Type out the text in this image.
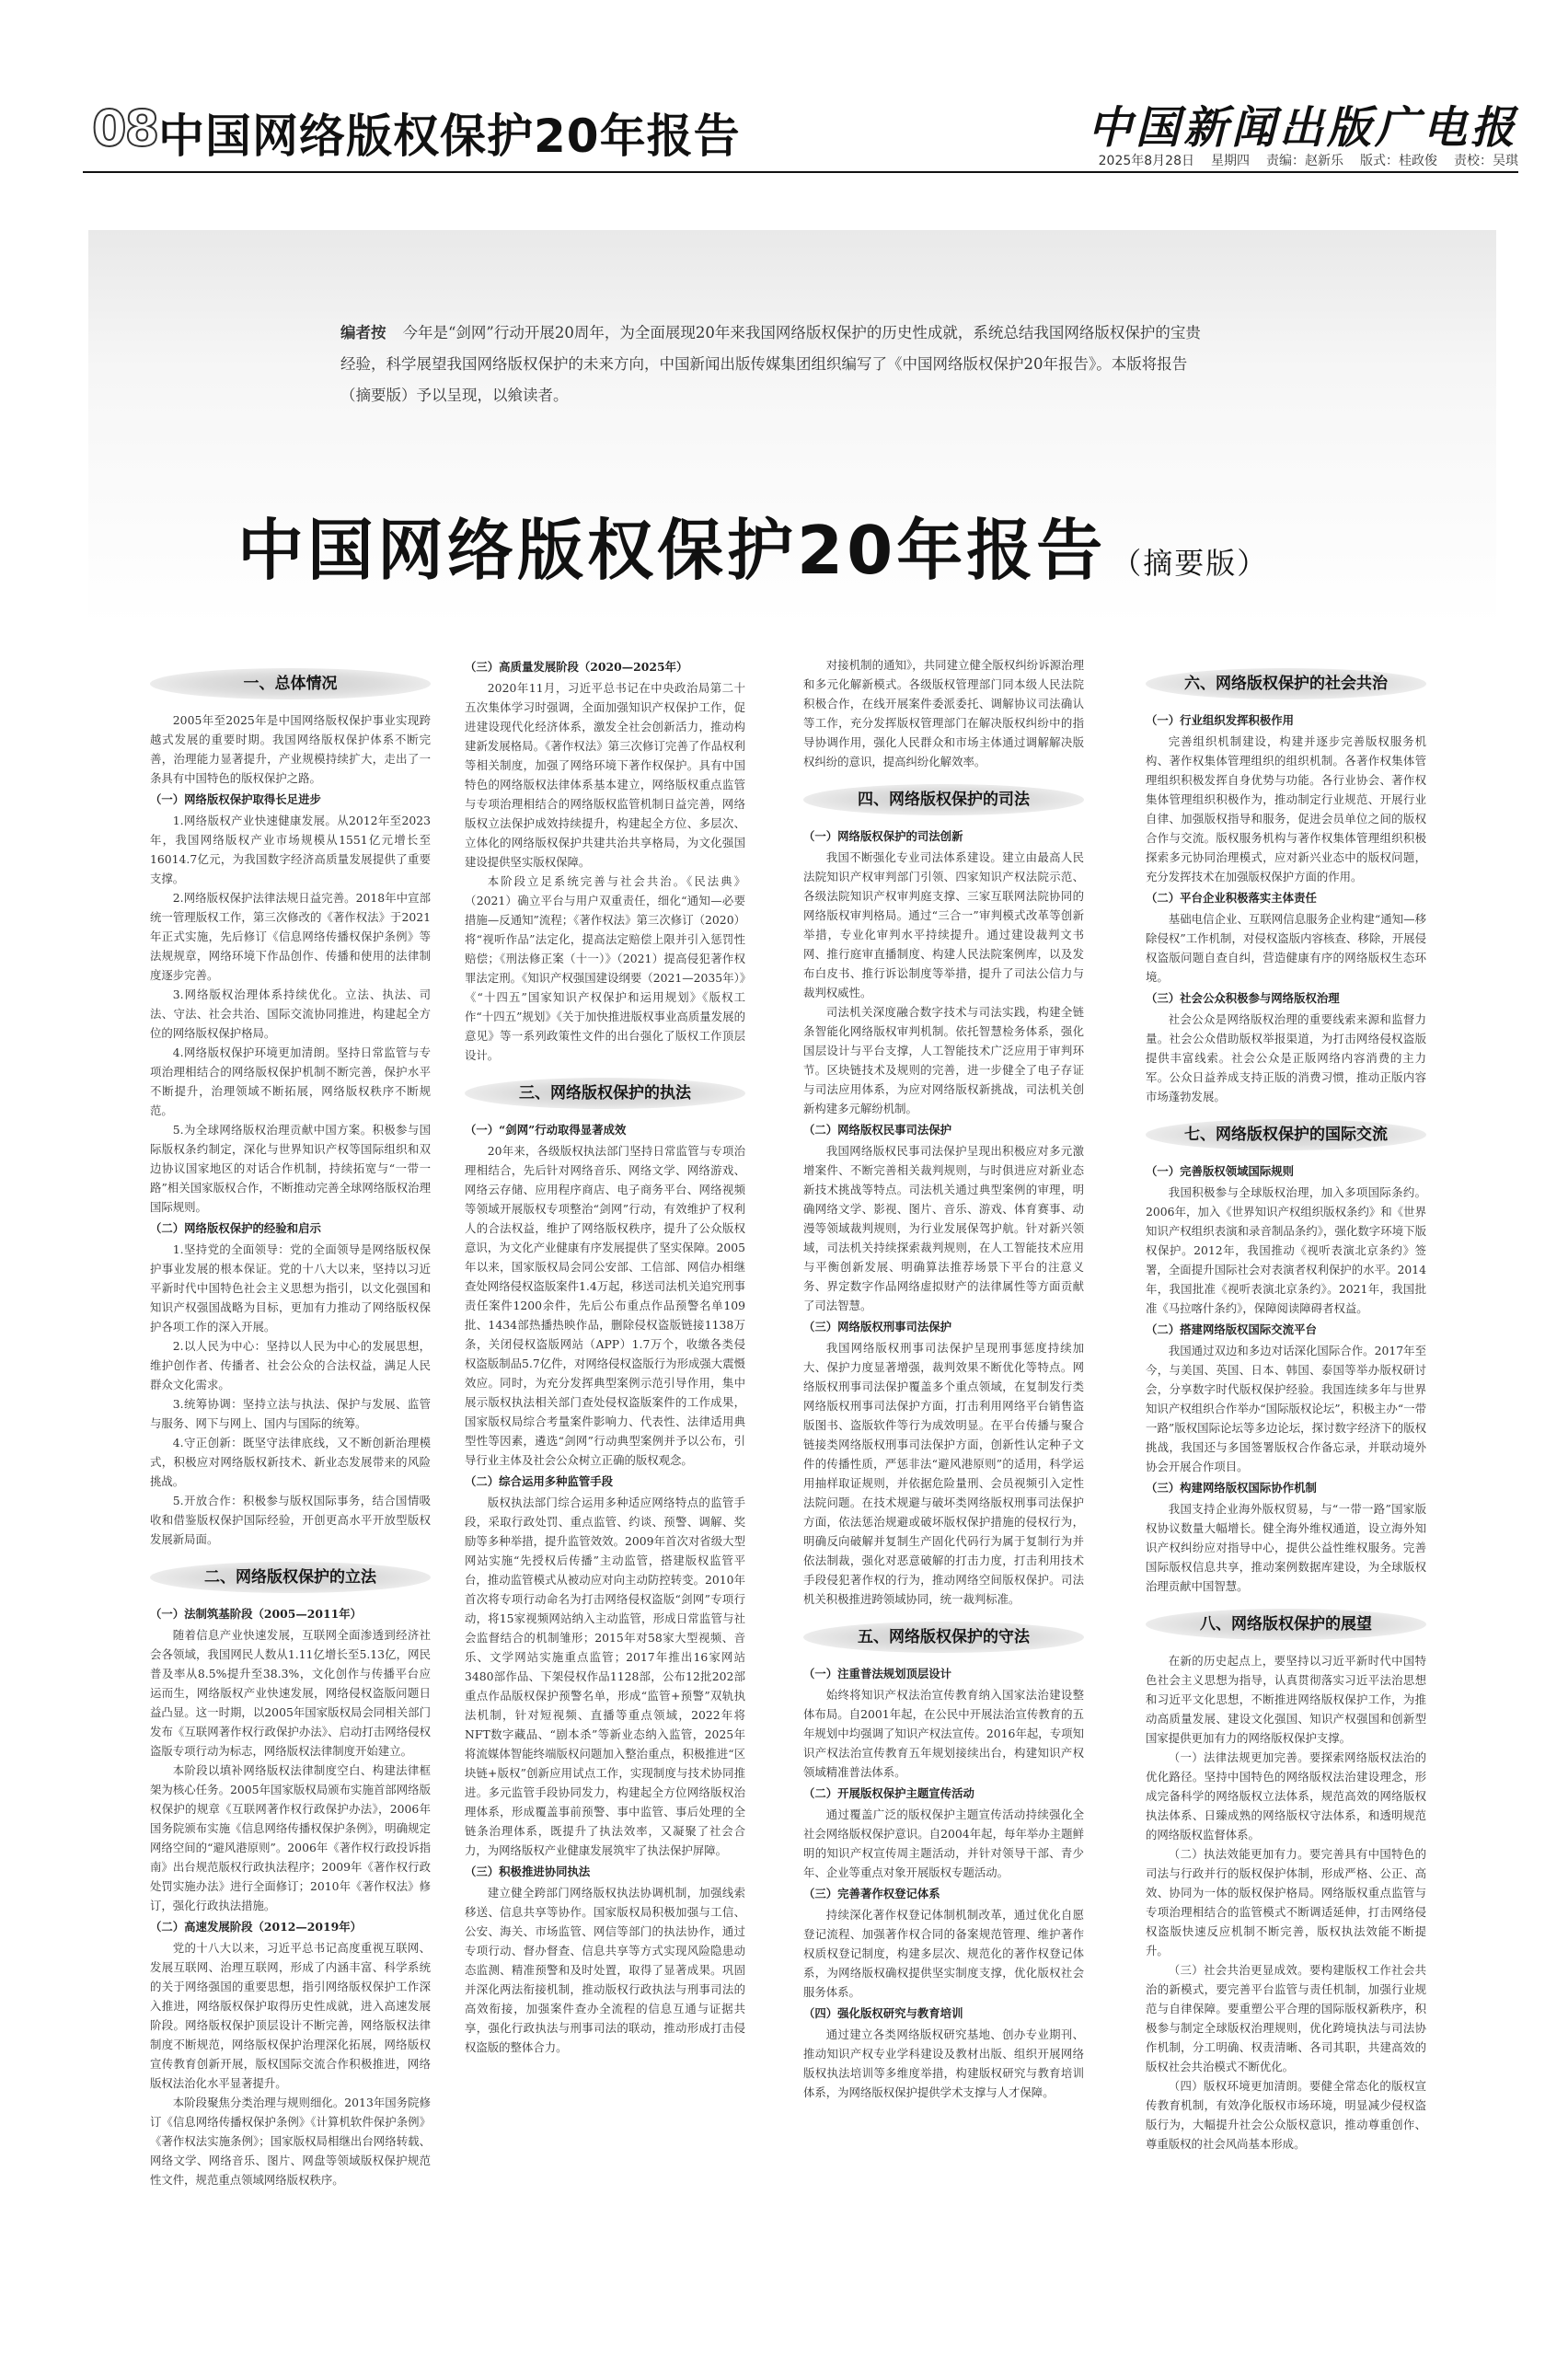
08 中国网络版权保护20年报告	中国新闻出版广电报
2025年8月28日 星期四 责编：赵新乐 版式：桂政俊 责校：吴琪
编者按 今年是“剑网”行动开展20周年，为全面展现20年来我国网络版权保护的历史性成就，系统总结我国网络版权保护的宝贵经验，科学展望我国网络版权保护的未来方向，中国新闻出版传媒集团组织编写了《中国网络版权保护20年报告》。本版将报告（摘要版）予以呈现，以飨读者。
中国网络版权保护20年报告 （摘要版）
一、总体情况
2005年至2025年是中国网络版权保护事业实现跨越式发展的重要时期。我国网络版权保护体系不断完善，治理能力显著提升，产业规模持续扩大，走出了一条具有中国特色的版权保护之路。
（一）网络版权保护取得长足进步
1.网络版权产业快速健康发展。从2012年至2023年，我国网络版权产业市场规模从1551亿元增长至16014.7亿元，为我国数字经济高质量发展提供了重要支撑。
2.网络版权保护法律法规日益完善。2018年中宣部统一管理版权工作，第三次修改的《著作权法》于2021年正式实施，先后修订《信息网络传播权保护条例》等法规规章，网络环境下作品创作、传播和使用的法律制度逐步完善。
3.网络版权治理体系持续优化。立法、执法、司法、守法、社会共治、国际交流协同推进，构建起全方位的网络版权保护格局。
4.网络版权保护环境更加清朗。坚持日常监管与专项治理相结合的网络版权保护机制不断完善，保护水平不断提升，治理领域不断拓展，网络版权秩序不断规范。
5.为全球网络版权治理贡献中国方案。积极参与国际版权条约制定，深化与世界知识产权等国际组织和双边协议国家地区的对话合作机制，持续拓宽与“一带一路”相关国家版权合作，不断推动完善全球网络版权治理国际规则。
（二）网络版权保护的经验和启示
1.坚持党的全面领导：党的全面领导是网络版权保护事业发展的根本保证。党的十八大以来，坚持以习近平新时代中国特色社会主义思想为指引，以文化强国和知识产权强国战略为目标，更加有力推动了网络版权保护各项工作的深入开展。
2.以人民为中心：坚持以人民为中心的发展思想，维护创作者、传播者、社会公众的合法权益，满足人民群众文化需求。
3.统筹协调：坚持立法与执法、保护与发展、监管与服务、网下与网上、国内与国际的统筹。
4.守正创新：既坚守法律底线，又不断创新治理模式，积极应对网络版权新技术、新业态发展带来的风险挑战。
5.开放合作：积极参与版权国际事务，结合国情吸收和借鉴版权保护国际经验，开创更高水平开放型版权发展新局面。
二、网络版权保护的立法
（一）法制筑基阶段（2005—2011年）
随着信息产业快速发展，互联网全面渗透到经济社会各领域，我国网民人数从1.11亿增长至5.13亿，网民普及率从8.5%提升至38.3%，文化创作与传播平台应运而生，网络版权产业快速发展，网络侵权盗版问题日益凸显。这一时期，以2005年国家版权局会同相关部门发布《互联网著作权行政保护办法》、启动打击网络侵权盗版专项行动为标志，网络版权法律制度开始建立。
本阶段以填补网络版权法律制度空白、构建法律框架为核心任务。2005年国家版权局颁布实施首部网络版权保护的规章《互联网著作权行政保护办法》，2006年国务院颁布实施《信息网络传播权保护条例》，明确规定网络空间的“避风港原则”。2006年《著作权行政投诉指南》出台规范版权行政执法程序；2009年《著作权行政处罚实施办法》进行全面修订；2010年《著作权法》修订，强化行政执法措施。
（二）高速发展阶段（2012—2019年）
党的十八大以来，习近平总书记高度重视互联网、发展互联网、治理互联网，形成了内涵丰富、科学系统的关于网络强国的重要思想，指引网络版权保护工作深入推进，网络版权保护取得历史性成就，进入高速发展阶段。网络版权保护顶层设计不断完善，网络版权法律制度不断规范，网络版权保护治理深化拓展，网络版权宣传教育创新开展，版权国际交流合作积极推进，网络版权法治化水平显著提升。
本阶段聚焦分类治理与规则细化。2013年国务院修订《信息网络传播权保护条例》《计算机软件保护条例》《著作权法实施条例》；国家版权局相继出台网络转载、网络文学、网络音乐、图片、网盘等领域版权保护规范性文件，规范重点领域网络版权秩序。
（三）高质量发展阶段（2020—2025年）
2020年11月，习近平总书记在中央政治局第二十五次集体学习时强调，全面加强知识产权保护工作，促进建设现代化经济体系，激发全社会创新活力，推动构建新发展格局。《著作权法》第三次修订完善了作品权利等相关制度，加强了网络环境下著作权保护。具有中国特色的网络版权法律体系基本建立，网络版权重点监管与专项治理相结合的网络版权监管机制日益完善，网络版权立法保护成效持续提升，构建起全方位、多层次、立体化的网络版权保护共建共治共享格局，为文化强国建设提供坚实版权保障。
本阶段立足系统完善与社会共治。《民法典》（2021）确立平台与用户双重责任，细化“通知—必要措施—反通知”流程；《著作权法》第三次修订（2020）将“视听作品”法定化，提高法定赔偿上限并引入惩罚性赔偿；《刑法修正案（十一）》（2021）提高侵犯著作权罪法定刑。《知识产权强国建设纲要（2021—2035年）》《“十四五”国家知识产权保护和运用规划》《版权工作“十四五”规划》《关于加快推进版权事业高质量发展的意见》等一系列政策性文件的出台强化了版权工作顶层设计。
三、网络版权保护的执法
（一）“剑网”行动取得显著成效
20年来，各级版权执法部门坚持日常监管与专项治理相结合，先后针对网络音乐、网络文学、网络游戏、网络云存储、应用程序商店、电子商务平台、网络视频等领域开展版权专项整治“剑网”行动，有效维护了权利人的合法权益，维护了网络版权秩序，提升了公众版权意识，为文化产业健康有序发展提供了坚实保障。2005年以来，国家版权局会同公安部、工信部、网信办相继查处网络侵权盗版案件1.4万起，移送司法机关追究刑事责任案件1200余件，先后公布重点作品预警名单109批、1434部热播热映作品，删除侵权盗版链接1138万条，关闭侵权盗版网站（APP）1.7万个，收缴各类侵权盗版制品5.7亿件，对网络侵权盗版行为形成强大震慑效应。同时，为充分发挥典型案例示范引导作用，集中展示版权执法相关部门查处侵权盗版案件的工作成果，国家版权局综合考量案件影响力、代表性、法律适用典型性等因素，遴选“剑网”行动典型案例并予以公布，引导行业主体及社会公众树立正确的版权观念。
（二）综合运用多种监管手段
版权执法部门综合运用多种适应网络特点的监管手段，采取行政处罚、重点监管、约谈、预警、调解、奖励等多种举措，提升监管效效。2009年首次对省级大型网站实施“先授权后传播”主动监管，搭建版权监管平台，推动监管模式从被动应对向主动防控转变。2010年首次将专项行动命名为打击网络侵权盗版“剑网”专项行动，将15家视频网站纳入主动监管，形成日常监管与社会监督结合的机制雏形；2015年对58家大型视频、音乐、文学网站实施重点监管；2017年推出16家网站3480部作品、下架侵权作品1128部，公布12批202部重点作品版权保护预警名单，形成“监管+预警”双轨执法机制，针对短视频、直播等重点领域，2022年将NFT数字藏品、“剧本杀”等新业态纳入监管，2025年将流媒体智能终端版权问题加入整治重点，积极推进“区块链+版权”创新应用试点工作，实现制度与技术协同推进。多元监管手段协同发力，构建起全方位网络版权治理体系，形成覆盖事前预警、事中监管、事后处理的全链条治理体系，既提升了执法效率，又凝聚了社会合力，为网络版权产业健康发展筑牢了执法保护屏障。
（三）积极推进协同执法
建立健全跨部门网络版权执法协调机制，加强线索移送、信息共享等协作。国家版权局积极加强与工信、公安、海关、市场监管、网信等部门的执法协作，通过专项行动、督办督查、信息共享等方式实现风险隐患动态监测、精准预警和及时处置，取得了显著成果。巩固并深化两法衔接机制，推动版权行政执法与刑事司法的高效衔接，加强案件查办全流程的信息互通与证据共享，强化行政执法与刑事司法的联动，推动形成打击侵权盗版的整体合力。
对接机制的通知》，共同建立健全版权纠纷诉源治理和多元化解新模式。各级版权管理部门同本级人民法院积极合作，在线开展案件委派委托、调解协议司法确认等工作，充分发挥版权管理部门在解决版权纠纷中的指导协调作用，强化人民群众和市场主体通过调解解决版权纠纷的意识，提高纠纷化解效率。
四、网络版权保护的司法
（一）网络版权保护的司法创新
我国不断强化专业司法体系建设。建立由最高人民法院知识产权审判部门引领、四家知识产权法院示范、各级法院知识产权审判庭支撑、三家互联网法院协同的网络版权审判格局。通过“三合一”审判模式改革等创新举措，专业化审判水平持续提升。通过建设裁判文书网、推行庭审直播制度、构建人民法院案例库，以及发布白皮书、推行诉讼制度等举措，提升了司法公信力与裁判权威性。
司法机关深度融合数字技术与司法实践，构建全链条智能化网络版权审判机制。依托智慧检务体系，强化国层设计与平台支撑，人工智能技术广泛应用于审判环节。区块链技术及规则的完善，进一步健全了电子存证与司法应用体系，为应对网络版权新挑战，司法机关创新构建多元解纷机制。
（二）网络版权民事司法保护
我国网络版权民事司法保护呈现出积极应对多元激增案件、不断完善相关裁判规则，与时俱进应对新业态新技术挑战等特点。司法机关通过典型案例的审理，明确网络文学、影视、图片、音乐、游戏、体育赛事、动漫等领域裁判规则，为行业发展保驾护航。针对新兴领域，司法机关持续探索裁判规则，在人工智能技术应用与平衡创新发展、明确算法推荐场景下平台的注意义务、界定数字作品网络虚拟财产的法律属性等方面贡献了司法智慧。
（三）网络版权刑事司法保护
我国网络版权刑事司法保护呈现刑事惩度持续加大、保护力度显著增强，裁判效果不断优化等特点。网络版权刑事司法保护覆盖多个重点领域，在复制发行类网络版权刑事司法保护方面，打击利用网络平台销售盗版图书、盗版软件等行为成效明显。在平台传播与聚合链接类网络版权刑事司法保护方面，创新性认定种子文件的传播性质，严惩非法“避风港原则”的适用，科学运用抽样取证规则，并依据危险量刑、会员视频引入定性法院问题。在技术规避与破坏类网络版权刑事司法保护方面，依法惩治规避或破坏版权保护措施的侵权行为，明确反向破解并复制生产固化代码行为属于复制行为并依法制裁，强化对恶意破解的打击力度，打击利用技术手段侵犯著作权的行为，推动网络空间版权保护。司法机关积极推进跨领域协同，统一裁判标准。
五、网络版权保护的守法
（一）注重普法规划顶层设计
始终将知识产权法治宣传教育纳入国家法治建设整体布局。自2001年起，在公民中开展法治宣传教育的五年规划中均强调了知识产权法宣传。2016年起，专项知识产权法治宣传教育五年规划接续出台，构建知识产权领域精准普法体系。
（二）开展版权保护主题宣传活动
通过覆盖广泛的版权保护主题宣传活动持续强化全社会网络版权保护意识。自2004年起，每年举办主题鲜明的知识产权宣传周主题活动，并针对领导干部、青少年、企业等重点对象开展版权专题活动。
（三）完善著作权登记体系
持续深化著作权登记体制机制改革，通过优化自愿登记流程、加强著作权合同的备案规范管理、维护著作权质权登记制度，构建多层次、规范化的著作权登记体系，为网络版权确权提供坚实制度支撑，优化版权社会服务体系。
（四）强化版权研究与教育培训
通过建立各类网络版权研究基地、创办专业期刊、推动知识产权专业学科建设及教材出版、组织开展网络版权执法培训等多维度举措，构建版权研究与教育培训体系，为网络版权保护提供学术支撑与人才保障。
六、网络版权保护的社会共治
（一）行业组织发挥积极作用
完善组织机制建设，构建并逐步完善版权服务机构、著作权集体管理组织的组织机制。各著作权集体管理组织积极发挥自身优势与功能。各行业协会、著作权集体管理组织积极作为，推动制定行业规范、开展行业自律、加强版权指导和服务，促进会员单位之间的版权合作与交流。版权服务机构与著作权集体管理组织积极探索多元协同治理模式，应对新兴业态中的版权问题，充分发挥技术在加强版权保护方面的作用。
（二）平台企业积极落实主体责任
基础电信企业、互联网信息服务企业构建“通知—移除侵权”工作机制，对侵权盗版内容核查、移除，开展侵权盗版问题自查自纠，营造健康有序的网络版权生态环境。
（三）社会公众积极参与网络版权治理
社会公众是网络版权治理的重要线索来源和监督力量。社会公众借助版权举报渠道，为打击网络侵权盗版提供丰富线索。社会公众是正版网络内容消费的主力军。公众日益养成支持正版的消费习惯，推动正版内容市场蓬勃发展。
七、网络版权保护的国际交流
（一）完善版权领域国际规则
我国积极参与全球版权治理，加入多项国际条约。2006年，加入《世界知识产权组织版权条约》和《世界知识产权组织表演和录音制品条约》，强化数字环境下版权保护。2012年，我国推动《视听表演北京条约》签署，全面提升国际社会对表演者权利保护的水平。2014年，我国批准《视听表演北京条约》。2021年，我国批准《马拉喀什条约》，保障阅读障碍者权益。
（二）搭建网络版权国际交流平台
我国通过双边和多边对话深化国际合作。2017年至今，与美国、英国、日本、韩国、泰国等举办版权研讨会，分享数字时代版权保护经验。我国连续多年与世界知识产权组织合作举办“国际版权论坛”，积极主办“一带一路”版权国际论坛等多边论坛，探讨数字经济下的版权挑战，我国还与多国签署版权合作备忘录，并联动境外协会开展合作项目。
（三）构建网络版权国际协作机制
我国支持企业海外版权贸易，与“一带一路”国家版权协议数量大幅增长。健全海外维权通道，设立海外知识产权纠纷应对指导中心，提供公益性维权服务。完善国际版权信息共享，推动案例数据库建设，为全球版权治理贡献中国智慧。
八、网络版权保护的展望
在新的历史起点上，要坚持以习近平新时代中国特色社会主义思想为指导，认真贯彻落实习近平法治思想和习近平文化思想，不断推进网络版权保护工作，为推动高质量发展、建设文化强国、知识产权强国和创新型国家提供更加有力的网络版权保护支撑。
（一）法律法规更加完善。要探索网络版权法治的优化路径。坚持中国特色的网络版权法治建设理念，形成完备科学的网络版权立法体系，规范高效的网络版权执法体系、日臻成熟的网络版权守法体系，和透明规范的网络版权监督体系。
（二）执法效能更加有力。要完善具有中国特色的司法与行政并行的版权保护体制，形成严格、公正、高效、协同为一体的版权保护格局。网络版权重点监管与专项治理相结合的监管模式不断调适延伸，打击网络侵权盗版快速反应机制不断完善，版权执法效能不断提升。
（三）社会共治更显成效。要构建版权工作社会共治的新模式，要完善平台监管与责任机制，加强行业规范与自律保障。要重塑公平合理的国际版权新秩序，积极参与制定全球版权治理规则，优化跨境执法与司法协作机制，分工明确、权责清晰、各司其职，共建高效的版权社会共治模式不断优化。
（四）版权环境更加清朗。要健全常态化的版权宣传教育机制，有效净化版权市场环境，明显减少侵权盗版行为，大幅提升社会公众版权意识，推动尊重创作、尊重版权的社会风尚基本形成。
